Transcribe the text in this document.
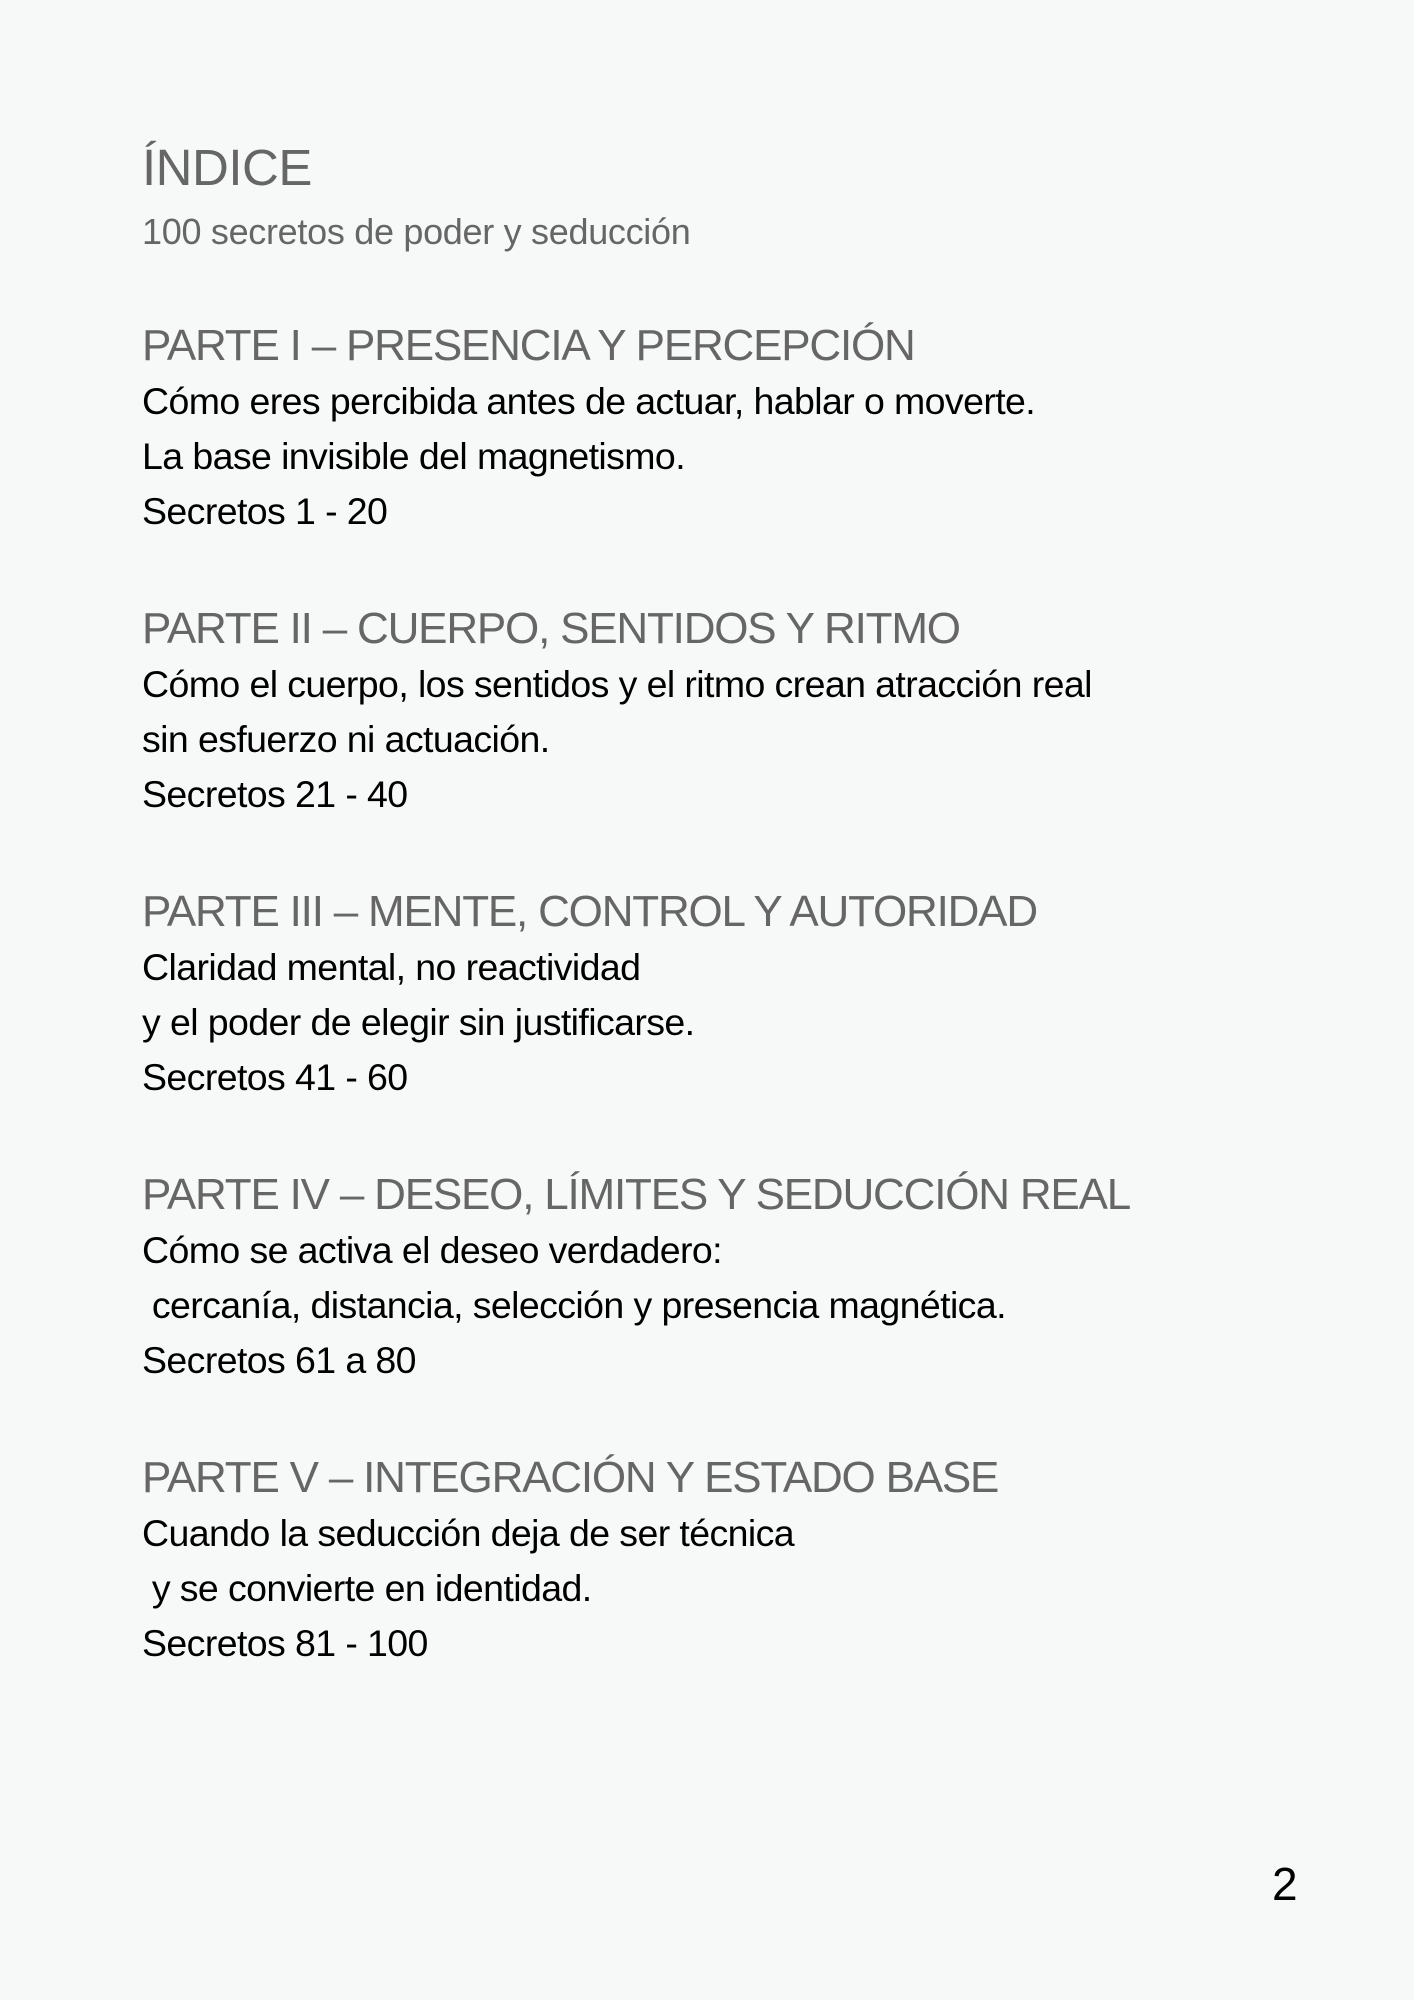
ÍNDICE
100 secretos de poder y seducción
PARTE I – PRESENCIA Y PERCEPCIÓN
Cómo eres percibida antes de actuar, hablar o moverte.
La base invisible del magnetismo.
Secretos 1 - 20
PARTE II – CUERPO, SENTIDOS Y RITMO
Cómo el cuerpo, los sentidos y el ritmo crean atracción real
sin esfuerzo ni actuación.
Secretos 21 - 40
PARTE III – MENTE, CONTROL Y AUTORIDAD
Claridad mental, no reactividad
y el poder de elegir sin justificarse.
Secretos 41 - 60
PARTE IV – DESEO, LÍMITES Y SEDUCCIÓN REAL
Cómo se activa el deseo verdadero:
cercanía, distancia, selección y presencia magnética.
Secretos 61 a 80
PARTE V – INTEGRACIÓN Y ESTADO BASE
Cuando la seducción deja de ser técnica
y se convierte en identidad.
Secretos 81 - 100
2
